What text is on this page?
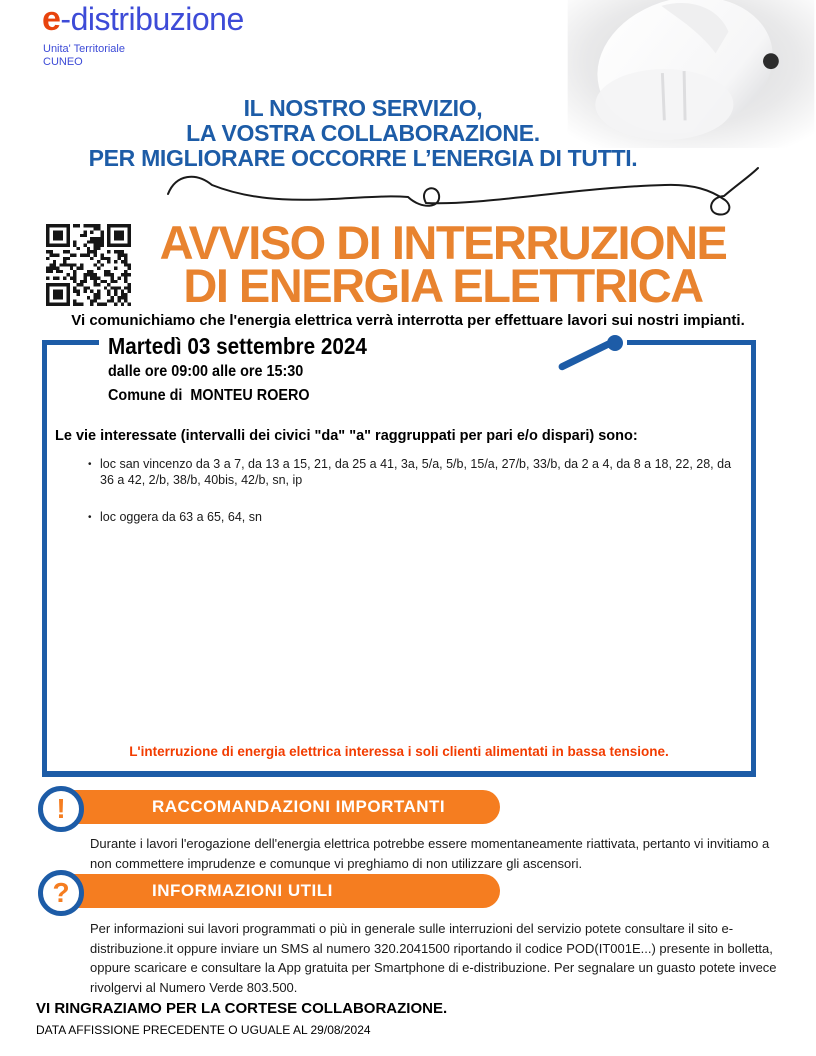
e-distribuzione
Unita' Territoriale
CUNEO
IL NOSTRO SERVIZIO,
LA VOSTRA COLLABORAZIONE.
PER MIGLIORARE OCCORRE L’ENERGIA DI TUTTI.
AVVISO DI INTERRUZIONE
DI ENERGIA ELETTRICA
Vi comunichiamo che l'energia elettrica verrà interrotta per effettuare lavori sui nostri impianti.
Martedì 03 settembre 2024
dalle ore 09:00 alle ore 15:30
Comune di  MONTEU ROERO
Le vie interessate (intervalli dei civici "da" "a" raggruppati per pari e/o dispari) sono:
• loc san vincenzo da 3 a 7, da 13 a 15, 21, da 25 a 41, 3a, 5/a, 5/b, 15/a, 27/b, 33/b, da 2 a 4, da 8 a 18, 22, 28, da 36 a 42, 2/b, 38/b, 40bis, 42/b, sn, ip
• loc oggera da 63 a 65, 64, sn
L'interruzione di energia elettrica interessa i soli clienti alimentati in bassa tensione.
!	RACCOMANDAZIONI IMPORTANTI
Durante i lavori l'erogazione dell'energia elettrica potrebbe essere momentaneamente riattivata, pertanto vi invitiamo a non commettere imprudenze e comunque vi preghiamo di non utilizzare gli ascensori.
?	INFORMAZIONI UTILI
Per informazioni sui lavori programmati o più in generale sulle interruzioni del servizio potete consultare il sito e-distribuzione.it oppure inviare un SMS al numero 320.2041500 riportando il codice POD(IT001E...) presente in bolletta, oppure scaricare e consultare la App gratuita per Smartphone di e-distribuzione. Per segnalare un guasto potete invece rivolgervi al Numero Verde 803.500.
VI RINGRAZIAMO PER LA CORTESE COLLABORAZIONE.
DATA AFFISSIONE PRECEDENTE O UGUALE AL 29/08/2024
